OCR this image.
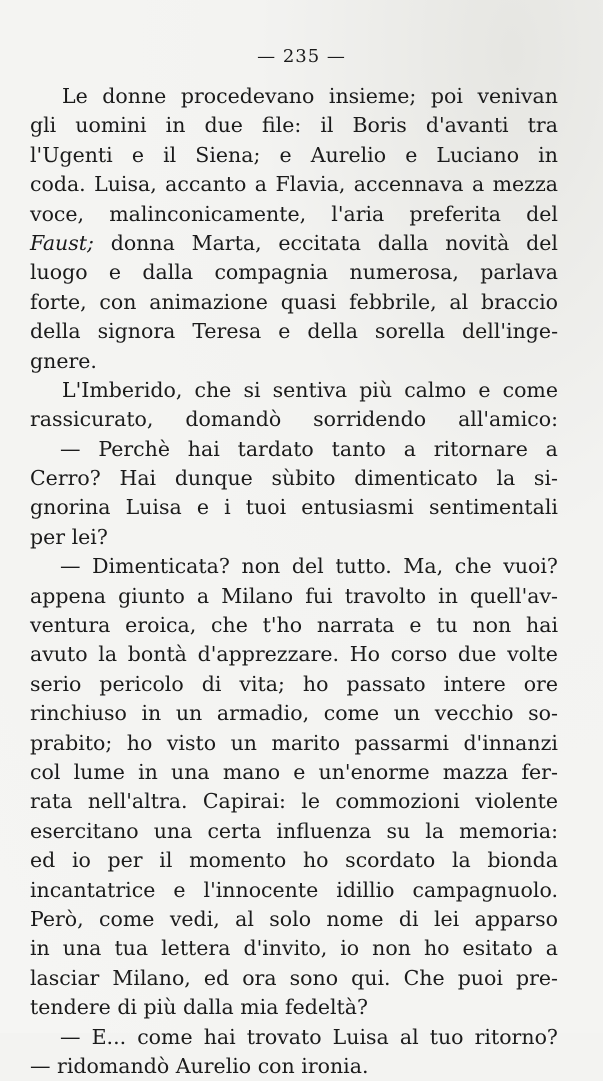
— 235 —
Le donne procedevano insieme; poi venivan
gli uomini in due file: il Boris d'avanti tra
l'Ugenti e il Siena; e Aurelio e Luciano in
coda. Luisa, accanto a Flavia, accennava a mezza
voce, malinconicamente, l'aria preferita del
Faust; donna Marta, eccitata dalla novità del
luogo e dalla compagnia numerosa, parlava
forte, con animazione quasi febbrile, al braccio
della signora Teresa e della sorella dell'inge-
gnere.
L'Imberido, che si sentiva più calmo e come
rassicurato, domandò sorridendo all'amico:
— Perchè hai tardato tanto a ritornare a
Cerro? Hai dunque sùbito dimenticato la si-
gnorina Luisa e i tuoi entusiasmi sentimentali
per lei?
— Dimenticata? non del tutto. Ma, che vuoi?
appena giunto a Milano fui travolto in quell'av-
ventura eroica, che t'ho narrata e tu non hai
avuto la bontà d'apprezzare. Ho corso due volte
serio pericolo di vita; ho passato intere ore
rinchiuso in un armadio, come un vecchio so-
prabito; ho visto un marito passarmi d'innanzi
col lume in una mano e un'enorme mazza fer-
rata nell'altra. Capirai: le commozioni violente
esercitano una certa influenza su la memoria:
ed io per il momento ho scordato la bionda
incantatrice e l'innocente idillio campagnuolo.
Però, come vedi, al solo nome di lei apparso
in una tua lettera d'invito, io non ho esitato a
lasciar Milano, ed ora sono qui. Che puoi pre-
tendere di più dalla mia fedeltà?
— E... come hai trovato Luisa al tuo ritorno?
— ridomandò Aurelio con ironia.
